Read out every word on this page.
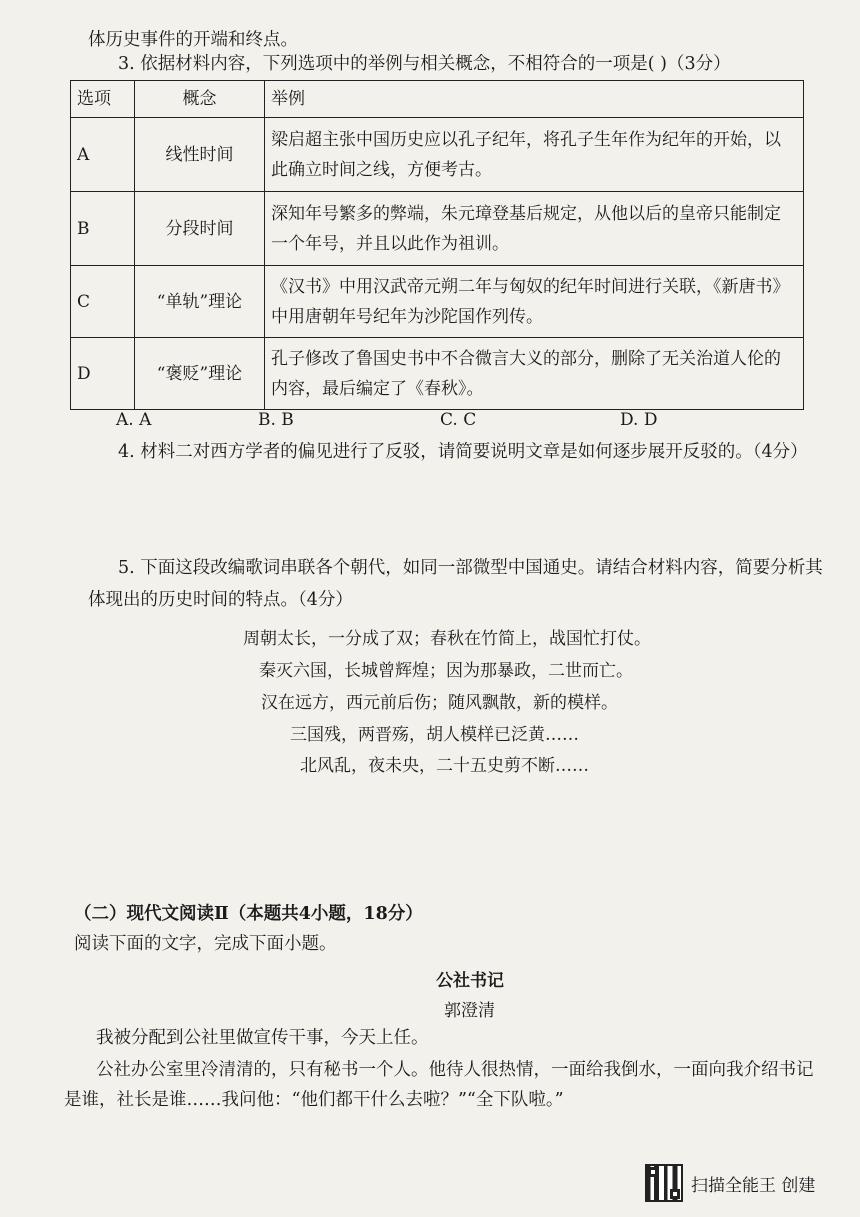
体历史事件的开端和终点。
3. 依据材料内容，下列选项中的举例与相关概念，不相符合的一项是( )（3分）
选项	概念	举例
A	线性时间	梁启超主张中国历史应以孔子纪年，将孔子生年作为纪年的开始，以
此确立时间之线，方便考古。

B	分段时间	深知年号繁多的弊端，朱元璋登基后规定，从他以后的皇帝只能制定
一个年号，并且以此作为祖训。

C	“单轨”理论	《汉书》中用汉武帝元朔二年与匈奴的纪年时间进行关联，《新唐书》
中用唐朝年号纪年为沙陀国作列传。

D	“褒贬”理论	孔子修改了鲁国史书中不合微言大义的部分，删除了无关治道人伦的
内容，最后编定了《春秋》。
A. A	B. B	C. C	D. D
4. 材料二对西方学者的偏见进行了反驳，请简要说明文章是如何逐步展开反驳的。（4分）
5. 下面这段改编歌词串联各个朝代，如同一部微型中国通史。请结合材料内容，简要分析其
体现出的历史时间的特点。（4分）
周朝太长，一分成了双；春秋在竹简上，战国忙打仗。
秦灭六国，长城曾辉煌；因为那暴政，二世而亡。
汉在远方，西元前后伤；随风飘散，新的模样。
三国残，两晋殇，胡人模样已泛黄……
北风乱，夜未央，二十五史剪不断……
（二）现代文阅读Ⅱ（本题共4小题，18分）
阅读下面的文字，完成下面小题。
公社书记
郭澄清
我被分配到公社里做宣传干事，今天上任。
公社办公室里冷清清的，只有秘书一个人。他待人很热情，一面给我倒水，一面向我介绍书记
是谁，社长是谁……我问他：“他们都干什么去啦？”“全下队啦。”
扫描全能王 创建
